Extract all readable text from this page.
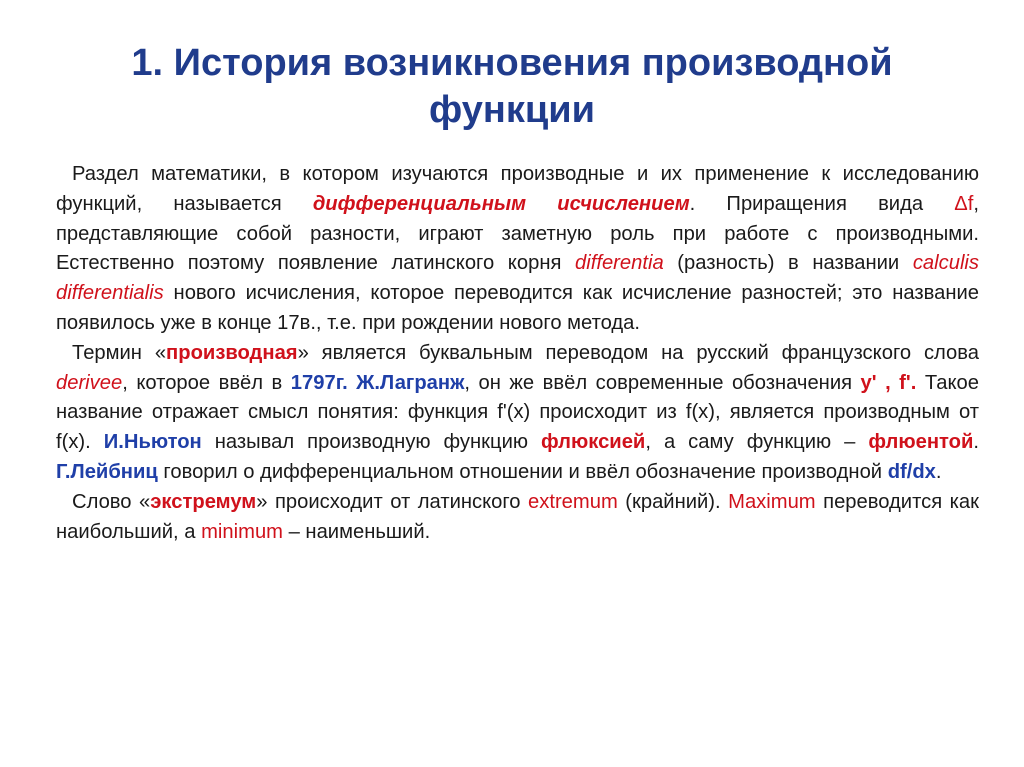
1. История возникновения производной
функции

Раздел математики, в котором изучаются производные и их применение к исследованию функций, называется дифференциальным исчислением. Приращения вида Δf, представляющие собой разности, играют заметную роль при работе с производными. Естественно поэтому появление латинского корня differentia (разность) в названии calculis differentialis нового исчисления, которое переводится как исчисление разностей; это название появилось уже в конце 17в., т.е. при рождении нового метода.

Термин «производная» является буквальным переводом на русский французского слова derivee, которое ввёл в 1797г. Ж.Лагранж, он же ввёл современные обозначения y' , f'. Такое название отражает смысл понятия: функция f'(x) происходит из f(x), является производным от f(x). И.Ньютон называл производную функцию флюксией, а саму функцию – флюентой. Г.Лейбниц говорил о дифференциальном отношении и ввёл обозначение производной df/dx.

Слово «экстремум» происходит от латинского extremum (крайний). Maximum переводится как наибольший, а minimum – наименьший.
